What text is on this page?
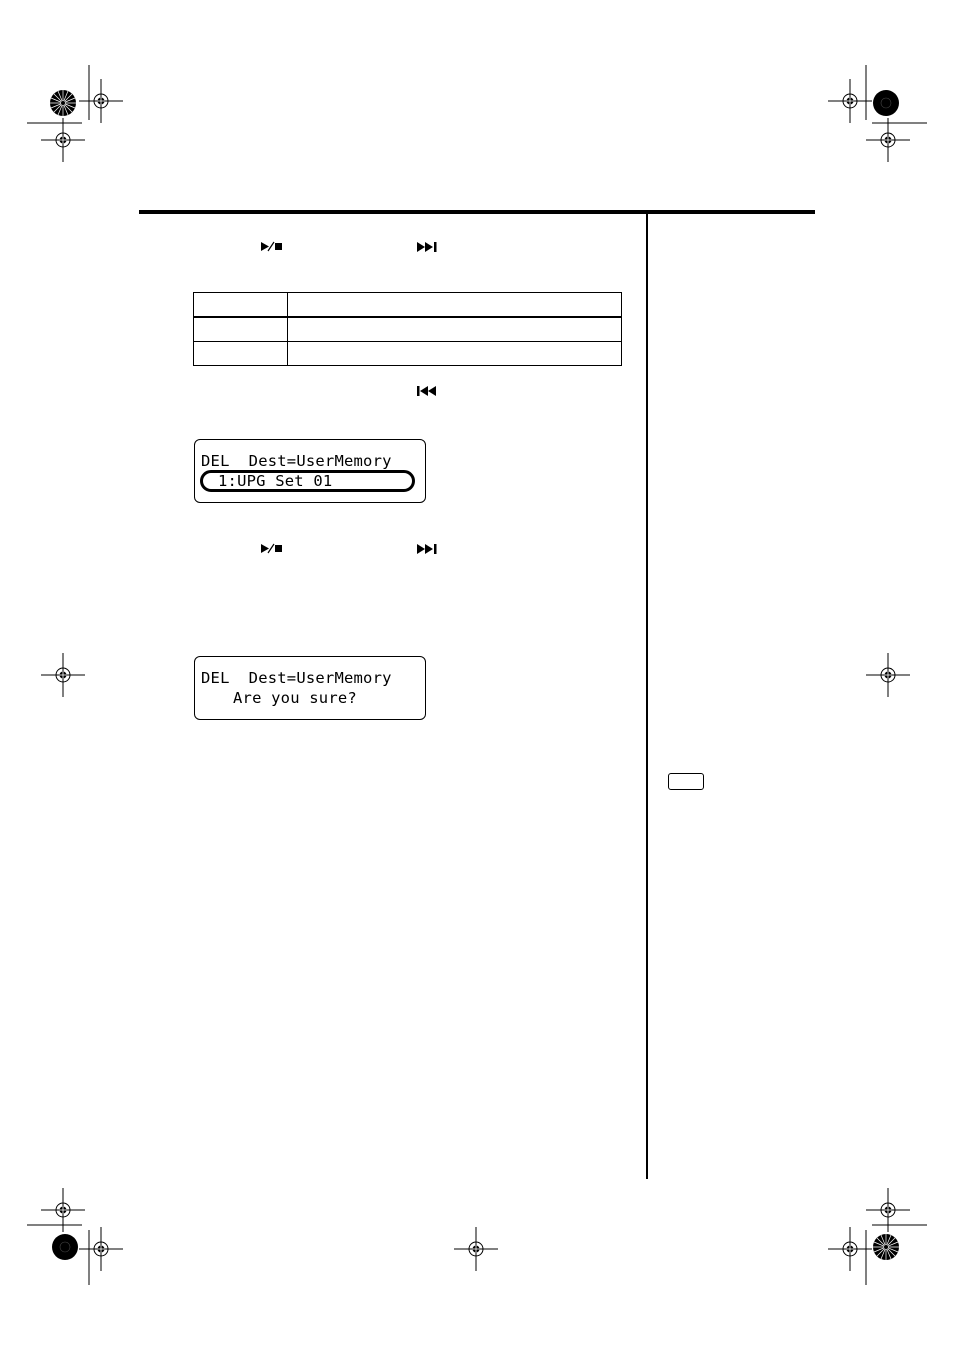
DEL  Dest=UserMemory
1:UPG Set 01
DEL  Dest=UserMemory
Are you sure?
